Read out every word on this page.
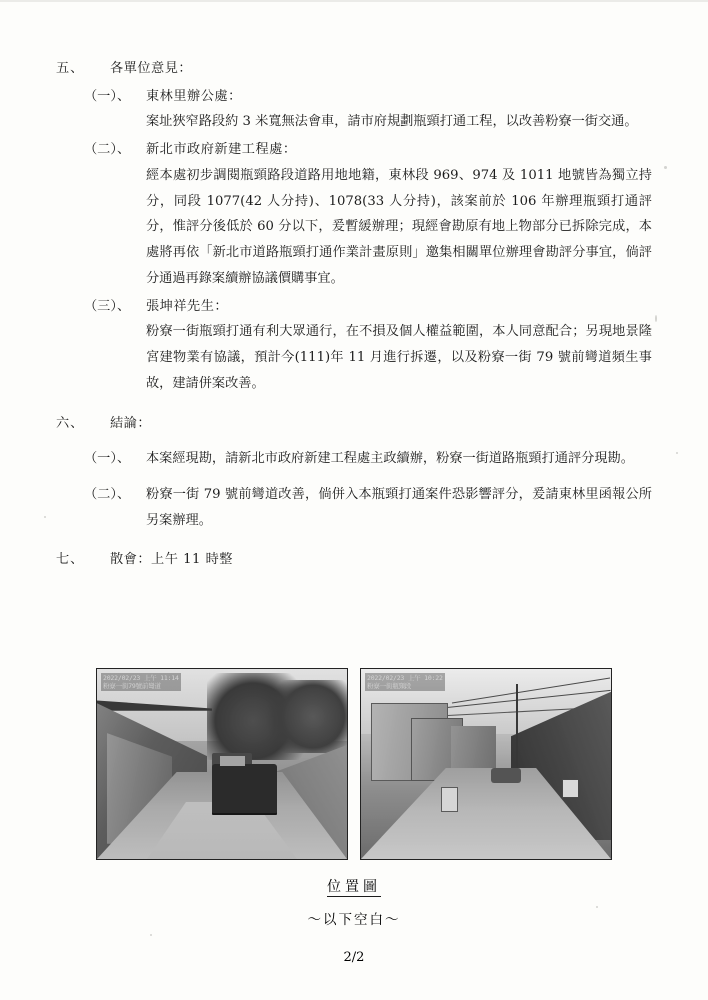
五、	各單位意見：
（一）、	東林里辦公處：
案址狹窄路段約 3 米寬無法會車，請市府規劃瓶頸打通工程，以改善粉寮一街交通。
（二）、	新北市政府新建工程處：
經本處初步調閱瓶頸路段道路用地地籍，東林段 969、974 及 1011 地號皆為獨立持分，同段 1077(42 人分持)、1078(33 人分持)，該案前於 106 年辦理瓶頸打通評分，惟評分後低於 60 分以下，爰暫緩辦理；現經會勘原有地上物部分已拆除完成，本處將再依「新北市道路瓶頸打通作業計畫原則」邀集相關單位辦理會勘評分事宜，倘評分通過再錄案續辦協議價購事宜。
（三）、	張坤祥先生：
粉寮一街瓶頸打通有利大眾通行，在不損及個人權益範圍，本人同意配合；另現地景隆宮建物業有協議，預計今(111)年 11 月進行拆遷，以及粉寮一街 79 號前彎道頻生事故，建請併案改善。
六、	結論：
（一）、	本案經現勘，請新北市政府新建工程處主政續辦，粉寮一街道路瓶頸打通評分現勘。
（二）、	粉寮一街 79 號前彎道改善，倘併入本瓶頸打通案件恐影響評分，爰請東林里函報公所另案辦理。
七、	散會：上午 11 時整
2022/02/23 上午 11:14
粉寮一街79號前彎道
2022/02/23 上午 10:22
粉寮一街瓶頸段
位置圖
～以下空白～
2/2
